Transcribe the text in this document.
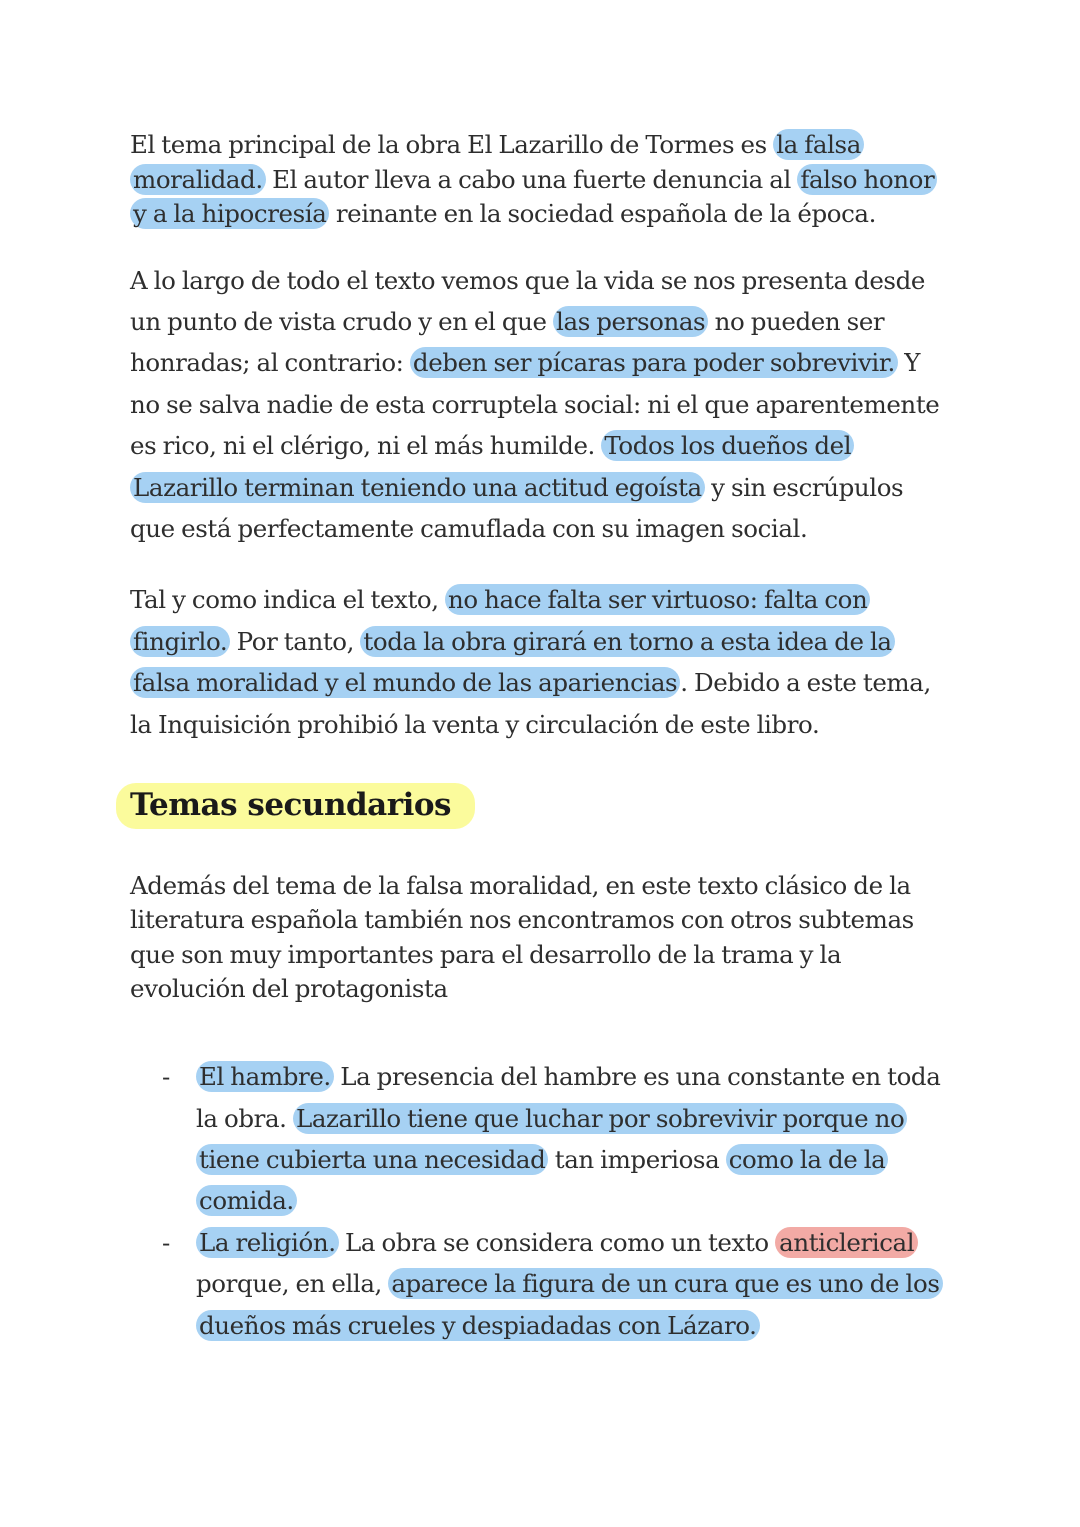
El tema principal de la obra El Lazarillo de Tormes es la falsa moralidad. El autor lleva a cabo una fuerte denuncia al falso honor y a la hipocresía reinante en la sociedad española de la época.

A lo largo de todo el texto vemos que la vida se nos presenta desde un punto de vista crudo y en el que las personas no pueden ser honradas; al contrario: deben ser pícaras para poder sobrevivir. Y no se salva nadie de esta corruptela social: ni el que aparentemente es rico, ni el clérigo, ni el más humilde. Todos los dueños del Lazarillo terminan teniendo una actitud egoísta y sin escrúpulos que está perfectamente camuflada con su imagen social.

Tal y como indica el texto, no hace falta ser virtuoso: falta con fingirlo. Por tanto, toda la obra girará en torno a esta idea de la falsa moralidad y el mundo de las apariencias . Debido a este tema, la Inquisición prohibió la venta y circulación de este libro.

Temas secundarios

Además del tema de la falsa moralidad, en este texto clásico de la literatura española también nos encontramos con otros subtemas que son muy importantes para el desarrollo de la trama y la evolución del protagonista

- El hambre. La presencia del hambre es una constante en toda la obra. Lazarillo tiene que luchar por sobrevivir porque no tiene cubierta una necesidad tan imperiosa como la de la comida.
- La religión. La obra se considera como un texto anticlerical porque, en ella, aparece la figura de un cura que es uno de los dueños más crueles y despiadadas con Lázaro.
